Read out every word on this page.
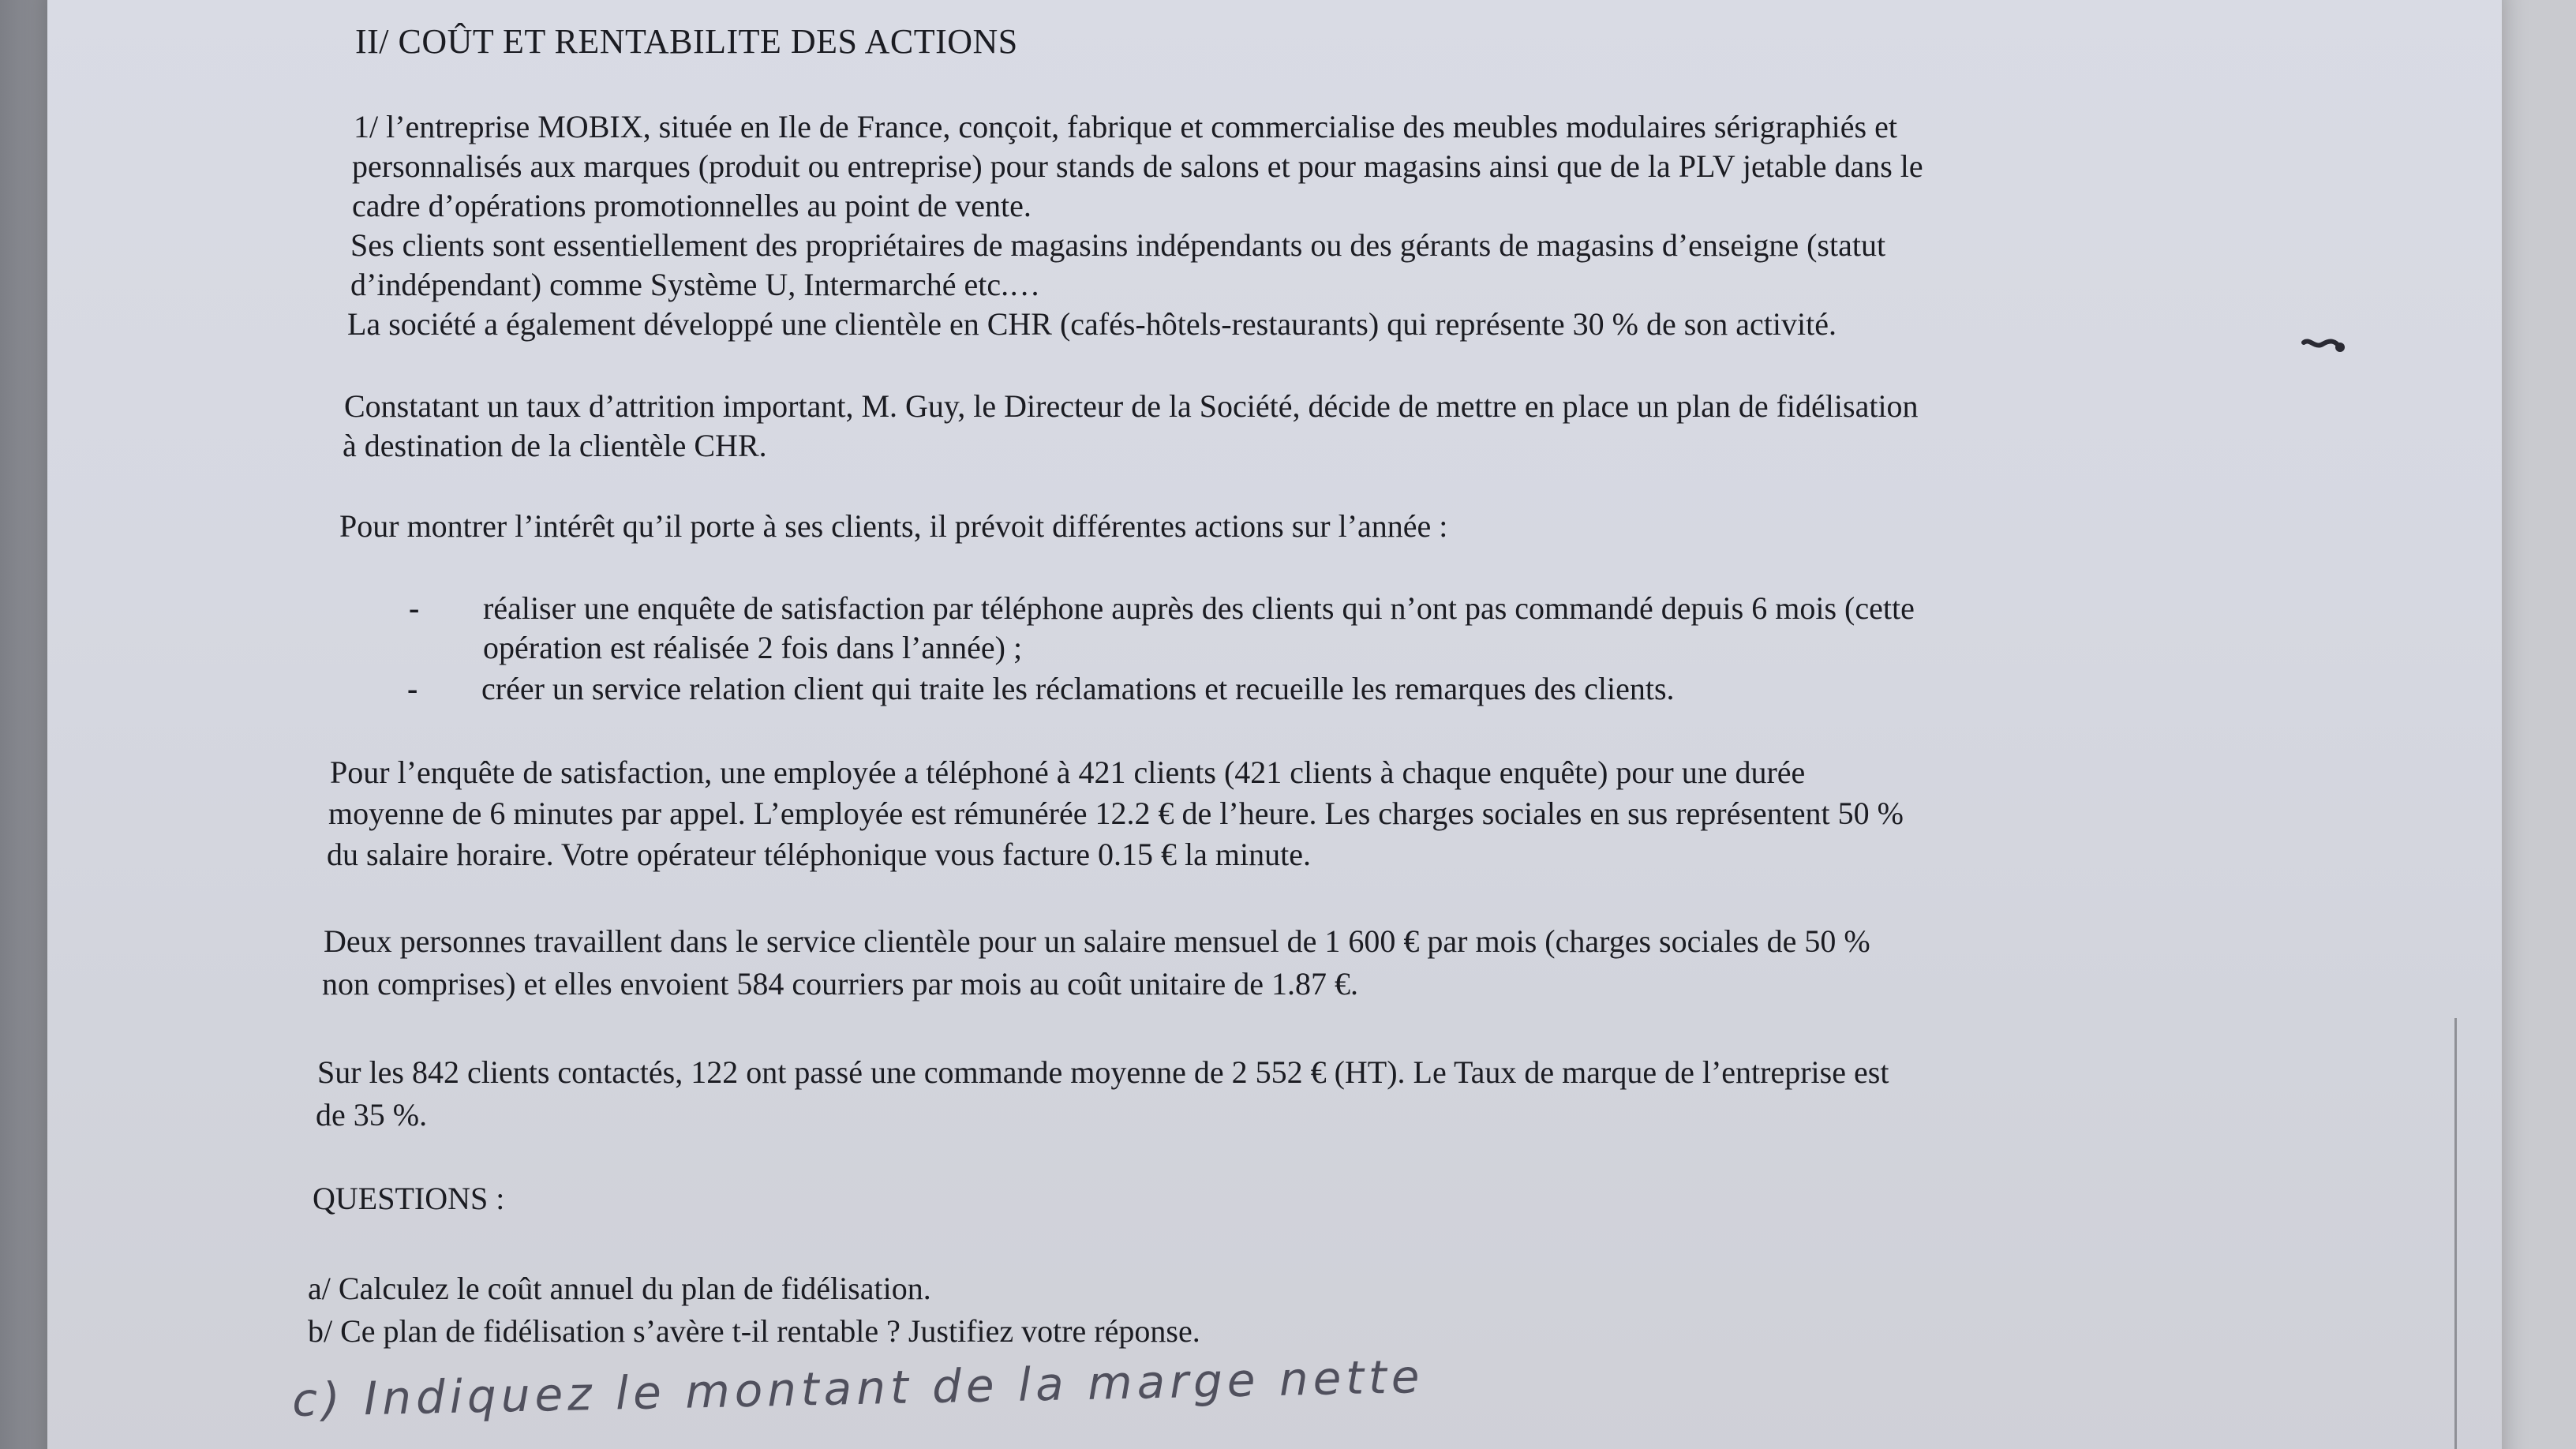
II/ COÛT ET RENTABILITE DES ACTIONS
1/ l’entreprise MOBIX, située en Ile de France, conçoit, fabrique et commercialise des meubles modulaires sérigraphiés et
personnalisés aux marques (produit ou entreprise) pour stands de salons et pour magasins ainsi que de la PLV jetable dans le
cadre d’opérations promotionnelles au point de vente.
Ses clients sont essentiellement des propriétaires de magasins indépendants ou des gérants de magasins d’enseigne (statut
d’indépendant) comme Système U, Intermarché etc.…
La société a également développé une clientèle en CHR (cafés-hôtels-restaurants) qui représente 30 % de son activité.
Constatant un taux d’attrition important, M. Guy, le Directeur de la Société, décide de mettre en place un plan de fidélisation
à destination de la clientèle CHR.
Pour montrer l’intérêt qu’il porte à ses clients, il prévoit différentes actions sur l’année :
- réaliser une enquête de satisfaction par téléphone auprès des clients qui n’ont pas commandé depuis 6 mois (cette
opération est réalisée 2 fois dans l’année) ;
- créer un service relation client qui traite les réclamations et recueille les remarques des clients.
Pour l’enquête de satisfaction, une employée a téléphoné à 421 clients (421 clients à chaque enquête) pour une durée
moyenne de 6 minutes par appel. L’employée est rémunérée 12.2 € de l’heure. Les charges sociales en sus représentent 50 %
du salaire horaire. Votre opérateur téléphonique vous facture 0.15 € la minute.
Deux personnes travaillent dans le service clientèle pour un salaire mensuel de 1 600 € par mois (charges sociales de 50 %
non comprises) et elles envoient 584 courriers par mois au coût unitaire de 1.87 €.
Sur les 842 clients contactés, 122 ont passé une commande moyenne de 2 552 € (HT). Le Taux de marque de l’entreprise est
de 35 %.
QUESTIONS :
a/ Calculez le coût annuel du plan de fidélisation.
b/ Ce plan de fidélisation s’avère t-il rentable ? Justifiez votre réponse.
c) Indiquez le montant de la marge nette
